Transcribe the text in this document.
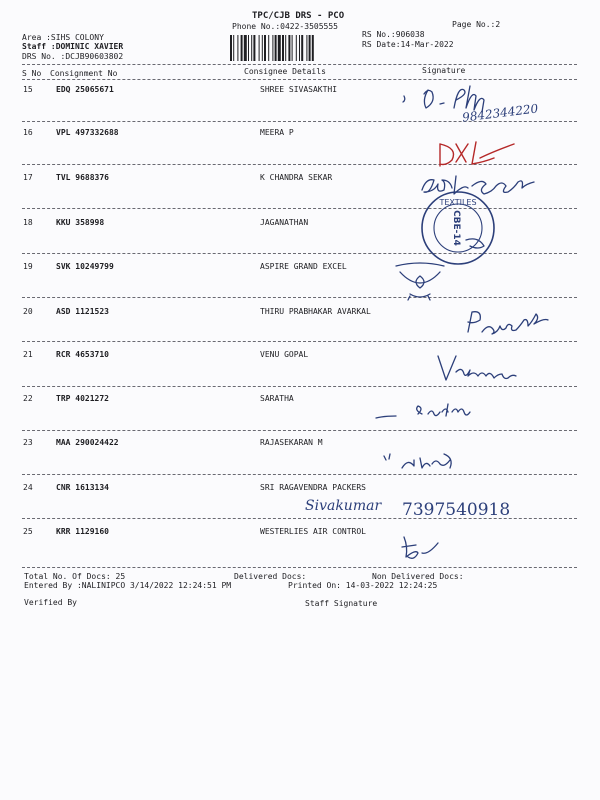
TPC/CJB DRS - PCO
Phone No.:0422-3505555
Area :SIHS COLONY
Staff :DOMINIC XAVIER
DRS No. :DCJB90603802
RS No.:906038
RS Date:14-Mar-2022
Page No.:2
S No Consignment No	Consignee Details	Signature
15	EDQ 25065671	SHREE SIVASAKTHI
16	VPL 497332688	MEERA P
17	TVL 9688376	K CHANDRA SEKAR
18	KKU 358998	JAGANATHAN
19	SVK 10249799	ASPIRE GRAND EXCEL
20	ASD 1121523	THIRU PRABHAKAR AVARKAL
21	RCR 4653710	VENU GOPAL
22	TRP 4021272	SARATHA
23	MAA 290024422	RAJASEKARAN M
24	CNR 1613134	SRI RAGAVENDRA PACKERS
25	KRR 1129160	WESTERLIES AIR CONTROL
9842344220
TEXTILES
CBE-14
Sivakumar 7397540918
Total No. Of Docs: 25	Delivered Docs:	Non Delivered Docs:
Entered By :NALINIPCO 3/14/2022 12:24:51 PM	Printed On: 14-03-2022 12:24:25
Verified By	Staff Signature
